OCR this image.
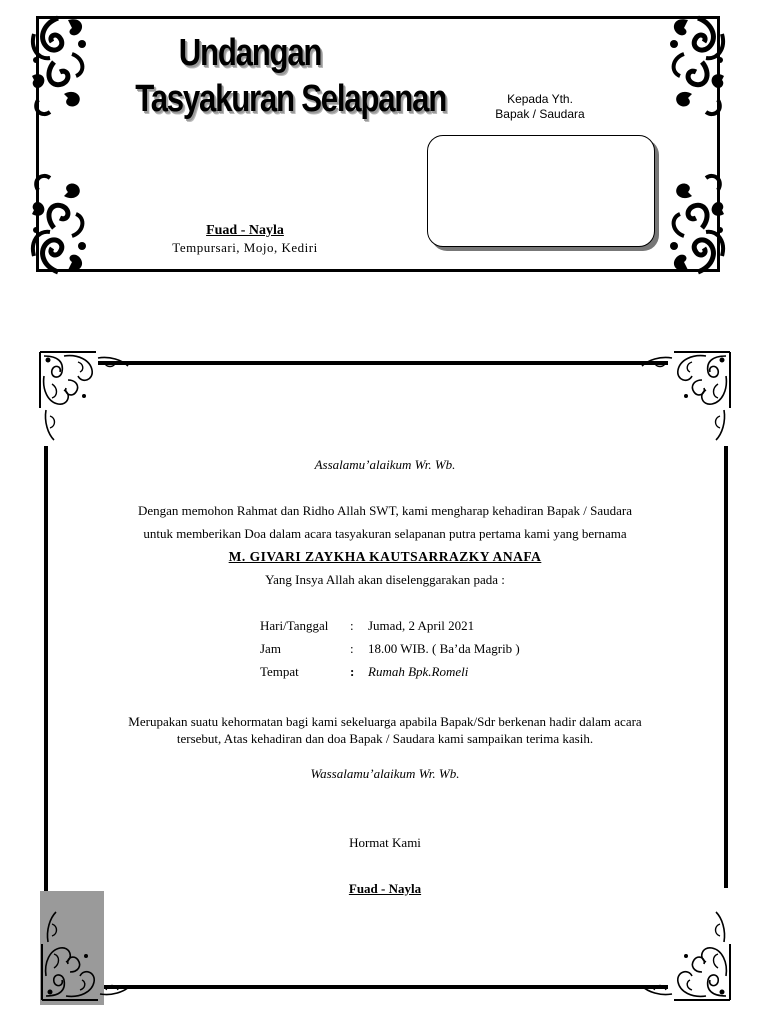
Undangan
Tasyakuran Selapanan	Kepada Yth.
Bapak / Saudara
Fuad - Nayla
Tempursari, Mojo, Kediri
Assalamu’alaikum Wr. Wb.
Dengan memohon Rahmat dan Ridho Allah SWT, kami mengharap kehadiran Bapak / Saudara
untuk memberikan Doa dalam acara tasyakuran selapanan putra pertama kami yang bernama
M. GIVARI ZAYKHA KAUTSARRAZKY ANAFA
Yang Insya Allah akan diselenggarakan pada :
Hari/Tanggal	:	Jumad, 2 April 2021
Jam	:	18.00 WIB. ( Ba’da Magrib )
Tempat	:	Rumah Bpk.Romeli
Merupakan suatu kehormatan bagi kami sekeluarga apabila Bapak/Sdr berkenan hadir dalam acara
tersebut, Atas kehadiran dan doa Bapak / Saudara kami sampaikan terima kasih.
Wassalamu’alaikum Wr. Wb.
Hormat Kami
Fuad - Nayla
